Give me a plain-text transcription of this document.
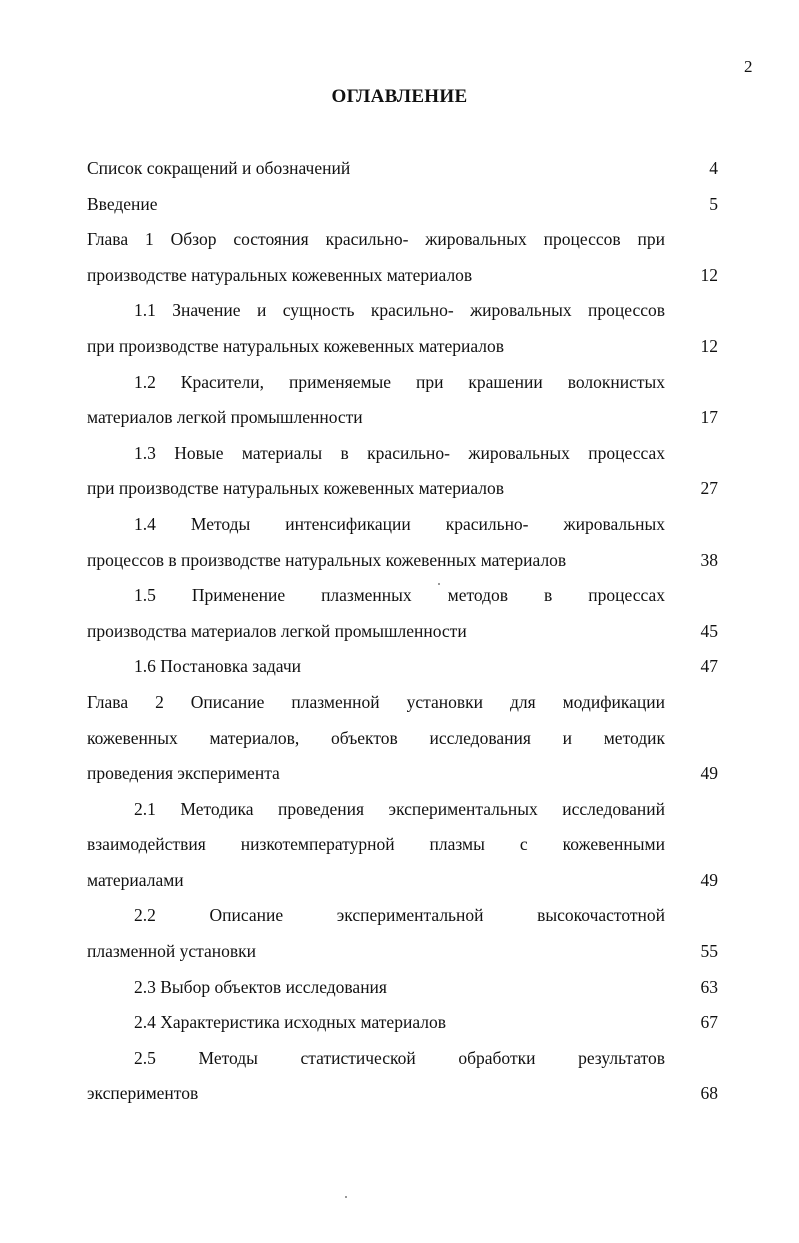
2
ОГЛАВЛЕНИЕ
Список сокращений и обозначений	4
Введение	5
Глава 1 Обзор состояния красильно- жировальных процессов при
производстве натуральных кожевенных материалов	12
1.1 Значение и сущность красильно- жировальных процессов
при производстве натуральных кожевенных материалов	12
1.2 Красители, применяемые при крашении волокнистых
материалов легкой промышленности	17
1.3 Новые материалы в красильно- жировальных процессах
при производстве натуральных кожевенных материалов	27
1.4 Методы интенсификации красильно- жировальных
процессов в производстве натуральных кожевенных материалов	38
1.5 Применение плазменных методов в процессах
производства материалов легкой промышленности	45
1.6 Постановка задачи	47
Глава 2 Описание плазменной установки для модификации
кожевенных материалов, объектов исследования и методик
проведения эксперимента	49
2.1 Методика проведения экспериментальных исследований
взаимодействия низкотемпературной плазмы с кожевенными
материалами	49
2.2 Описание экспериментальной высокочастотной
плазменной установки	55
2.3 Выбор объектов исследования	63
2.4 Характеристика исходных материалов	67
2.5 Методы статистической обработки результатов
экспериментов	68
